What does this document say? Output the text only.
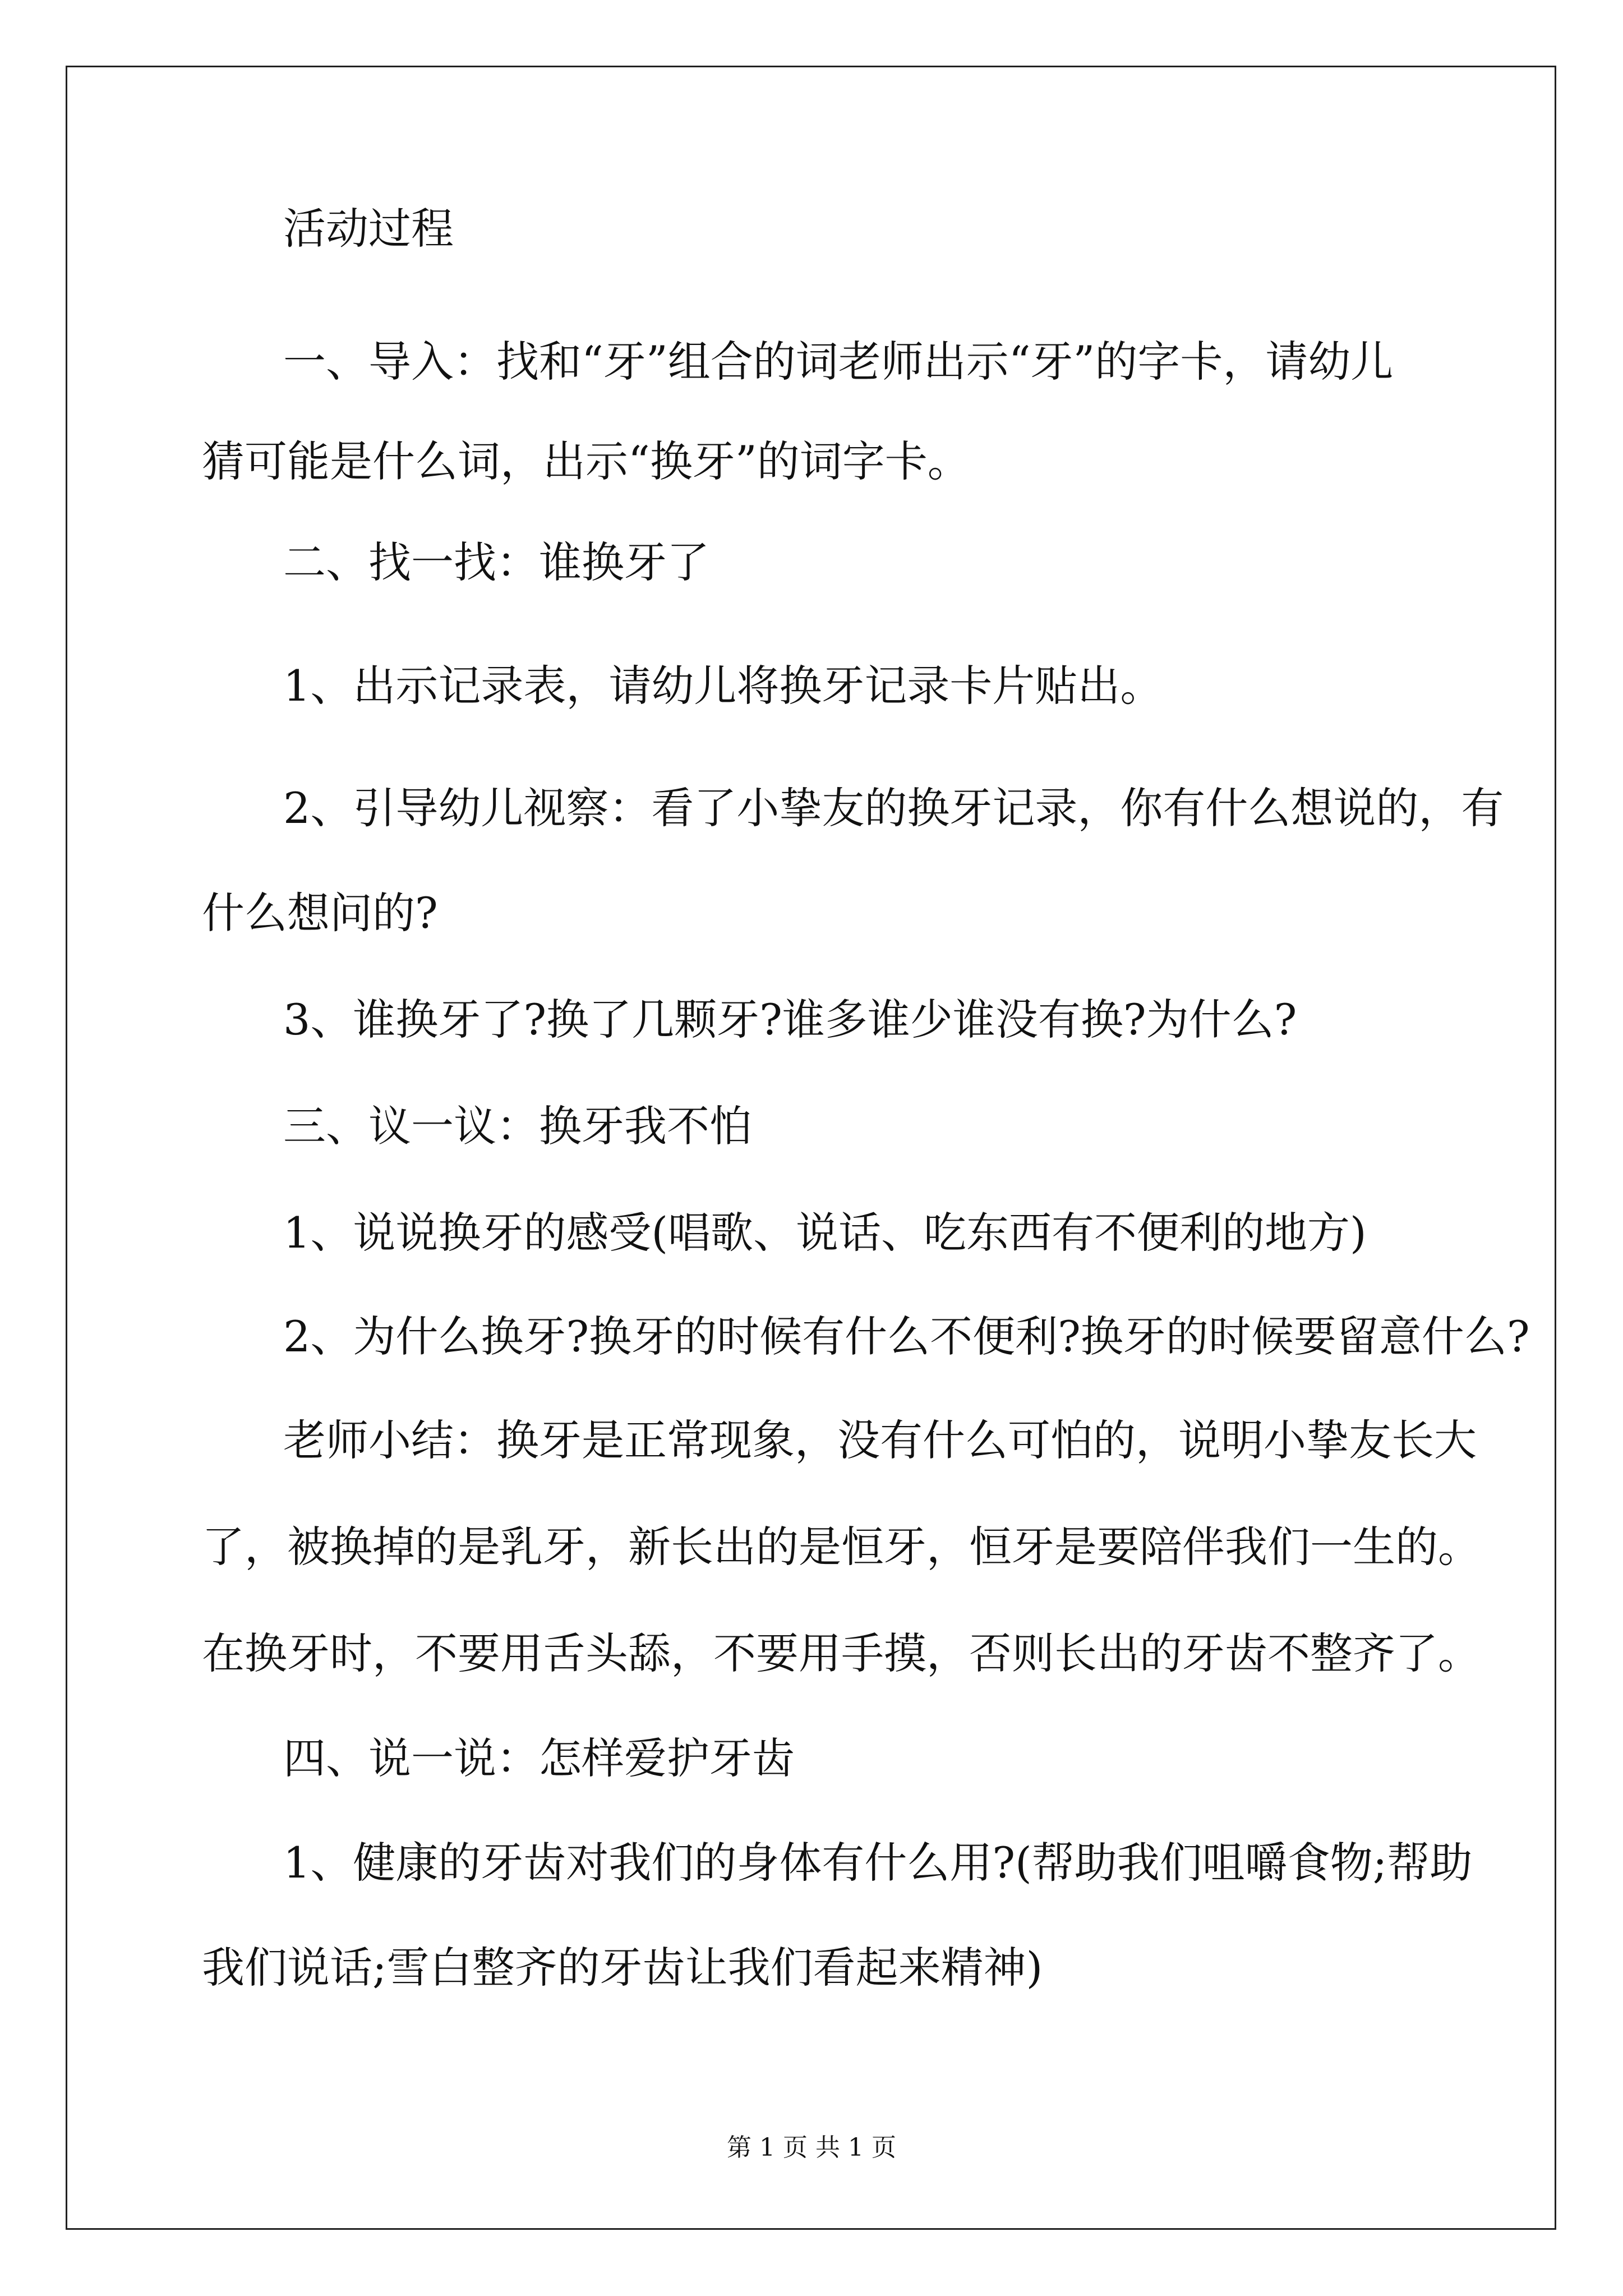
活动过程
一、导入：找和“牙”组合的词老师出示“牙”的字卡，请幼儿
猜可能是什么词，出示“换牙”的词字卡。
二、找一找：谁换牙了
1、出示记录表，请幼儿将换牙记录卡片贴出。
2、引导幼儿视察：看了小挚友的换牙记录，你有什么想说的，有
什么想问的?
3、谁换牙了?换了几颗牙?谁多谁少谁没有换?为什么?
三、议一议：换牙我不怕
1、说说换牙的感受(唱歌、说话、吃东西有不便利的地方)
2、为什么换牙?换牙的时候有什么不便利?换牙的时候要留意什么?
老师小结：换牙是正常现象，没有什么可怕的，说明小挚友长大
了，被换掉的是乳牙，新长出的是恒牙，恒牙是要陪伴我们一生的。
在换牙时，不要用舌头舔，不要用手摸，否则长出的牙齿不整齐了。
四、说一说：怎样爱护牙齿
1、健康的牙齿对我们的身体有什么用?(帮助我们咀嚼食物;帮助
我们说话;雪白整齐的牙齿让我们看起来精神)
第 1 页 共 1 页
